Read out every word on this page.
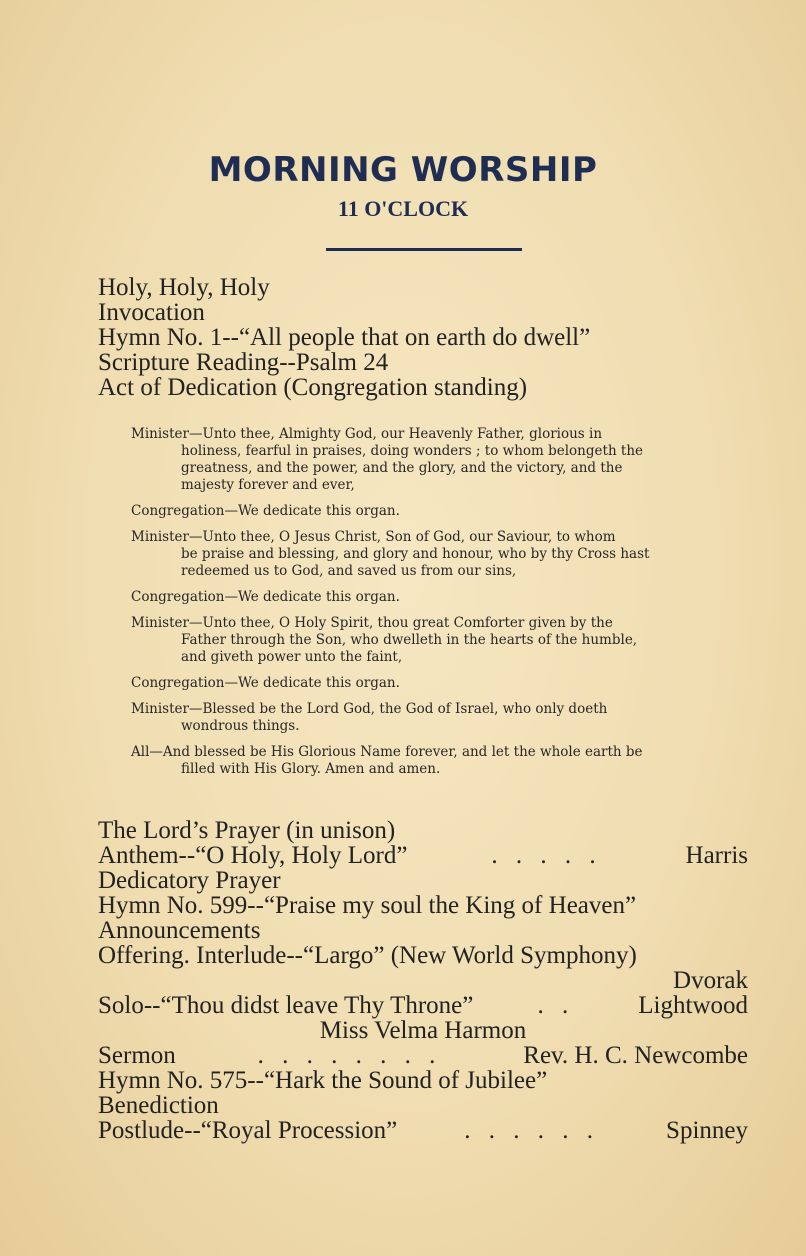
MORNING WORSHIP
11 O'CLOCK
Holy, Holy, Holy
Invocation
Hymn No. 1--“All people that on earth do dwell”
Scripture Reading--Psalm 24
Act of Dedication (Congregation standing)
Minister—Unto thee, Almighty God, our Heavenly Father, glorious in
holiness, fearful in praises, doing wonders ; to whom belongeth the
greatness, and the power, and the glory, and the victory, and the
majesty forever and ever,
Congregation—We dedicate this organ.
Minister—Unto thee, O Jesus Christ, Son of God, our Saviour, to whom
be praise and blessing, and glory and honour, who by thy Cross hast
redeemed us to God, and saved us from our sins,
Congregation—We dedicate this organ.
Minister—Unto thee, O Holy Spirit, thou great Comforter given by the
Father through the Son, who dwelleth in the hearts of the humble,
and giveth power unto the faint,
Congregation—We dedicate this organ.
Minister—Blessed be the Lord God, the God of Israel, who only doeth
wondrous things.
All—And blessed be His Glorious Name forever, and let the whole earth be
filled with His Glory. Amen and amen.
The Lord’s Prayer (in unison)
Anthem--“O Holy, Holy Lord”	. . . . .	Harris
Dedicatory Prayer
Hymn No. 599--“Praise my soul the King of Heaven”
Announcements
Offering. Interlude--“Largo” (New World Symphony)
Dvorak
Solo--“Thou didst leave Thy Throne”	. .	Lightwood
Miss Velma Harmon
Sermon	. . . . . . . .	Rev. H. C. Newcombe
Hymn No. 575--“Hark the Sound of Jubilee”
Benediction
Postlude--“Royal Procession”	. . . . . .	Spinney
